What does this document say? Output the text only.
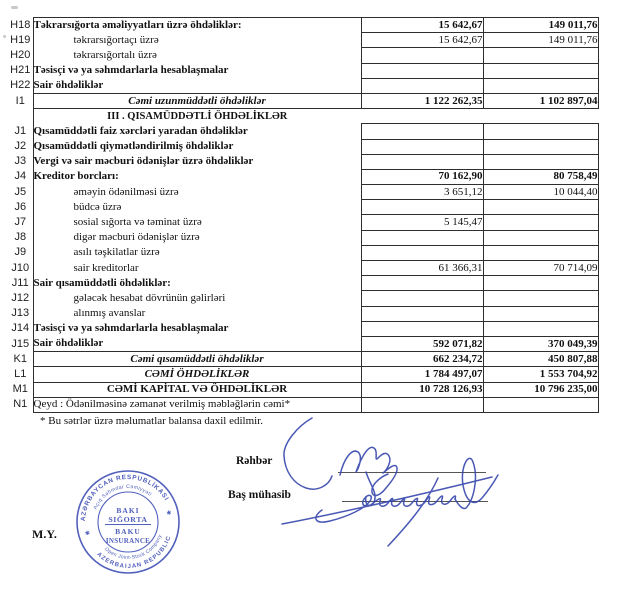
H18	Təkrarsığorta əməliyyatları üzrə öhdəliklər:	15 642,67	149 011,76
H19	təkrarsığortaçı üzrə	15 642,67	149 011,76
H20	təkrarsığortalı üzrə		
H21	Təsisçi və ya səhmdarlarla hesablaşmalar		
H22	Sair öhdəliklər		
I1	Cəmi uzunmüddətli öhdəliklər	1 122 262,35	1 102 897,04
	III . QISAMÜDDƏTLİ ÖHDƏLİKLƏR		
J1	Qısamüddətli faiz xərcləri yaradan öhdəliklər		
J2	Qısamüddətli qiymətləndirilmiş öhdəliklər		
J3	Vergi və sair məcburi ödənişlər üzrə öhdəliklər		
J4	Kreditor borcları:	70 162,90	80 758,49
J5	əməyin ödənilməsi üzrə	3 651,12	10 044,40
J6	büdcə üzrə		
J7	sosial sığorta və təminat üzrə	5 145,47	
J8	digər məcburi ödənişlər üzrə		
J9	asılı təşkilatlar üzrə		
J10	sair kreditorlar	61 366,31	70 714,09
J11	Sair qısamüddətli öhdəliklər:		
J12	gələcək hesabat dövrünün gəlirləri		
J13	alınmış avanslar		
J14	Təsisçi və ya səhmdarlarla hesablaşmalar		
J15	Sair öhdəliklər	592 071,82	370 049,39
K1	Cəmi qısamüddətli öhdəliklər	662 234,72	450 807,88
L1	CƏMİ ÖHDƏLİKLƏR	1 784 497,07	1 553 704,92
M1	CƏMİ KAPİTAL VƏ ÖHDƏLİKLƏR	10 728 126,93	10 796 235,00
N1	Qeyd : Ödənilməsinə zəmanət verilmiş məbləğlərin cəmi*		
* Bu sətrlər üzrə məlumatlar balansa daxil edilmir.
Rəhbər
Baş mühasib
M.Y.
AZƏRBAYCAN RESPUBLİKASI
Açıq Səhmdar Cəmiyyəti
AZERBAIJAN REPUBLIC
Open Joint-Stock Company
✱
✱
BAKI
SIĞORTA
BAKU
INSURANCE
